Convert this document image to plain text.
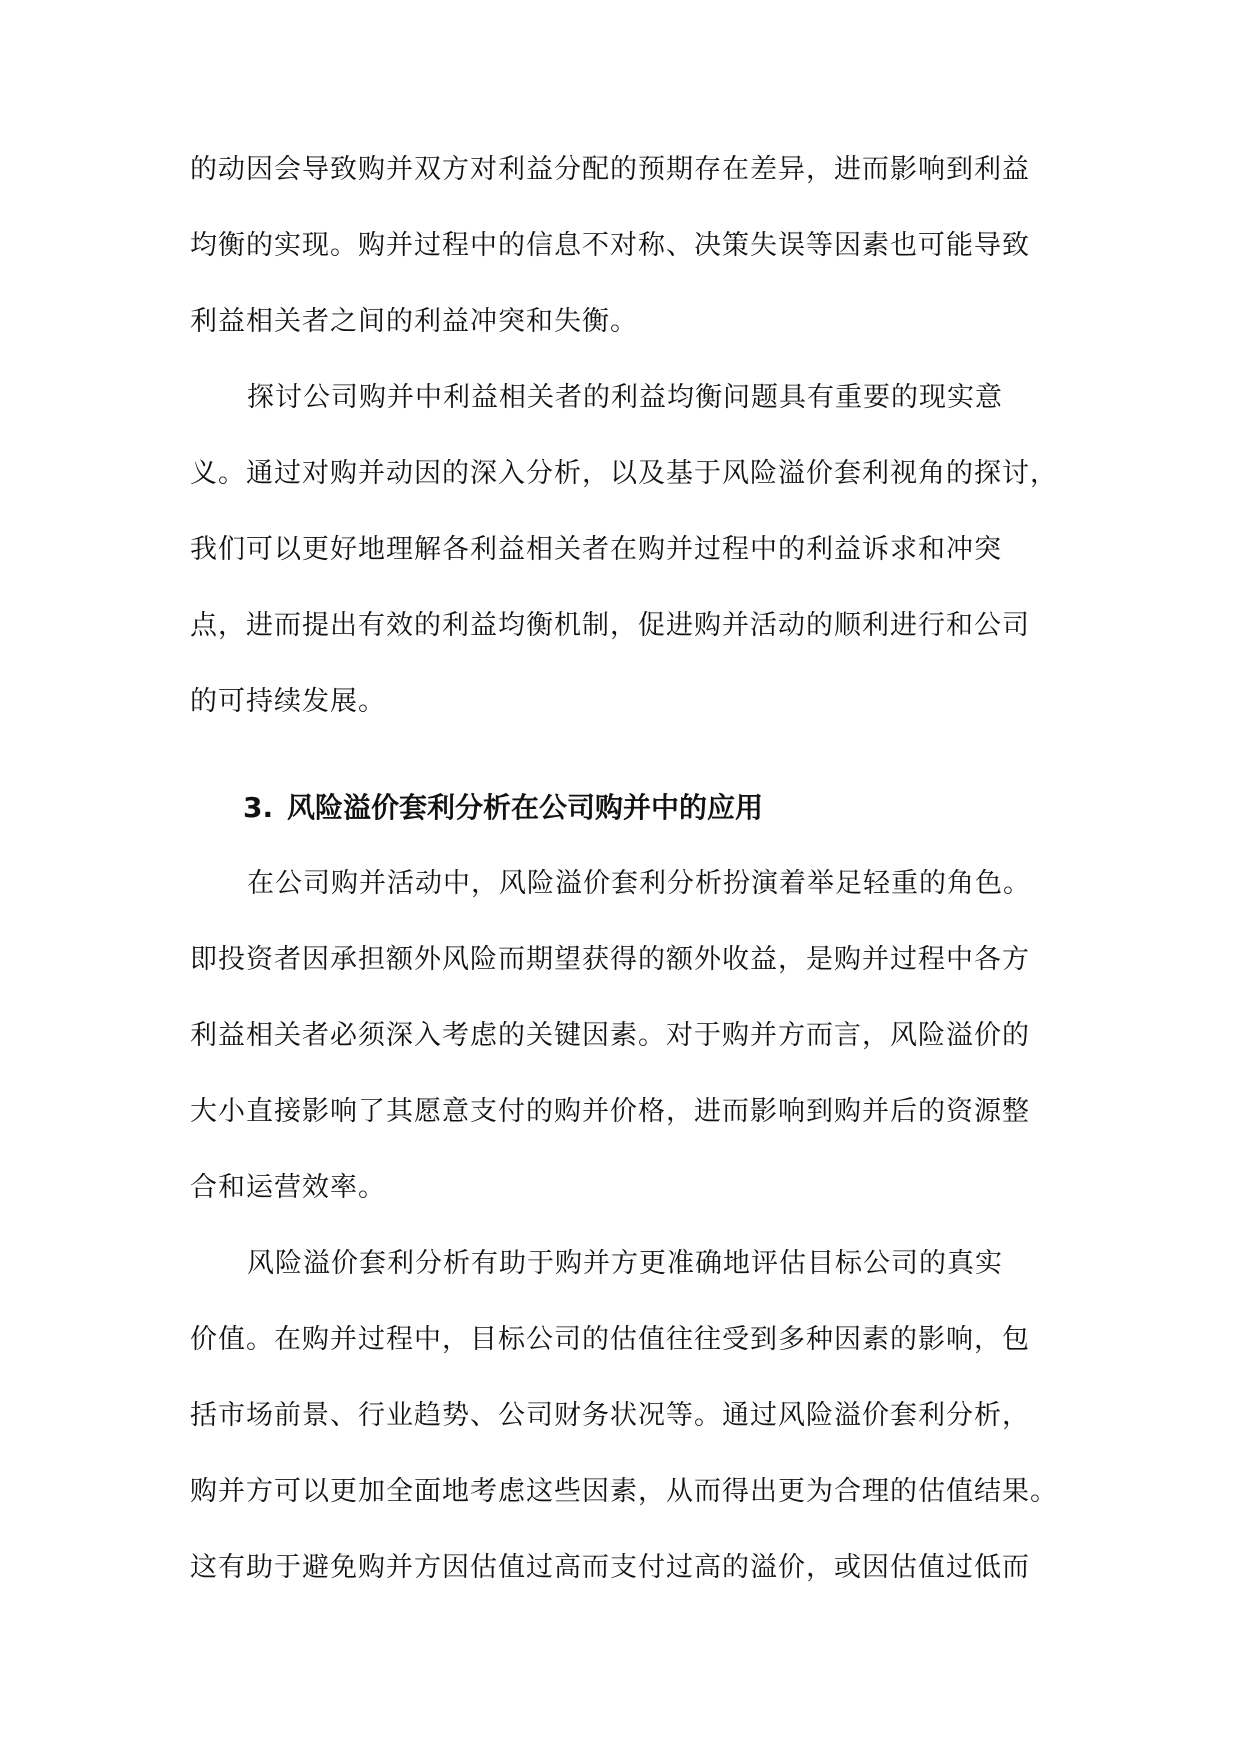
的动因会导致购并双方对利益分配的预期存在差异，进而影响到利益
均衡的实现。购并过程中的信息不对称、决策失误等因素也可能导致
利益相关者之间的利益冲突和失衡。
探讨公司购并中利益相关者的利益均衡问题具有重要的现实意
义。通过对购并动因的深入分析，以及基于风险溢价套利视角的探讨，
我们可以更好地理解各利益相关者在购并过程中的利益诉求和冲突
点，进而提出有效的利益均衡机制，促进购并活动的顺利进行和公司
的可持续发展。
3. 风险溢价套利分析在公司购并中的应用
在公司购并活动中，风险溢价套利分析扮演着举足轻重的角色。
即投资者因承担额外风险而期望获得的额外收益，是购并过程中各方
利益相关者必须深入考虑的关键因素。对于购并方而言，风险溢价的
大小直接影响了其愿意支付的购并价格，进而影响到购并后的资源整
合和运营效率。
风险溢价套利分析有助于购并方更准确地评估目标公司的真实
价值。在购并过程中，目标公司的估值往往受到多种因素的影响，包
括市场前景、行业趋势、公司财务状况等。通过风险溢价套利分析，
购并方可以更加全面地考虑这些因素，从而得出更为合理的估值结果。
这有助于避免购并方因估值过高而支付过高的溢价，或因估值过低而
